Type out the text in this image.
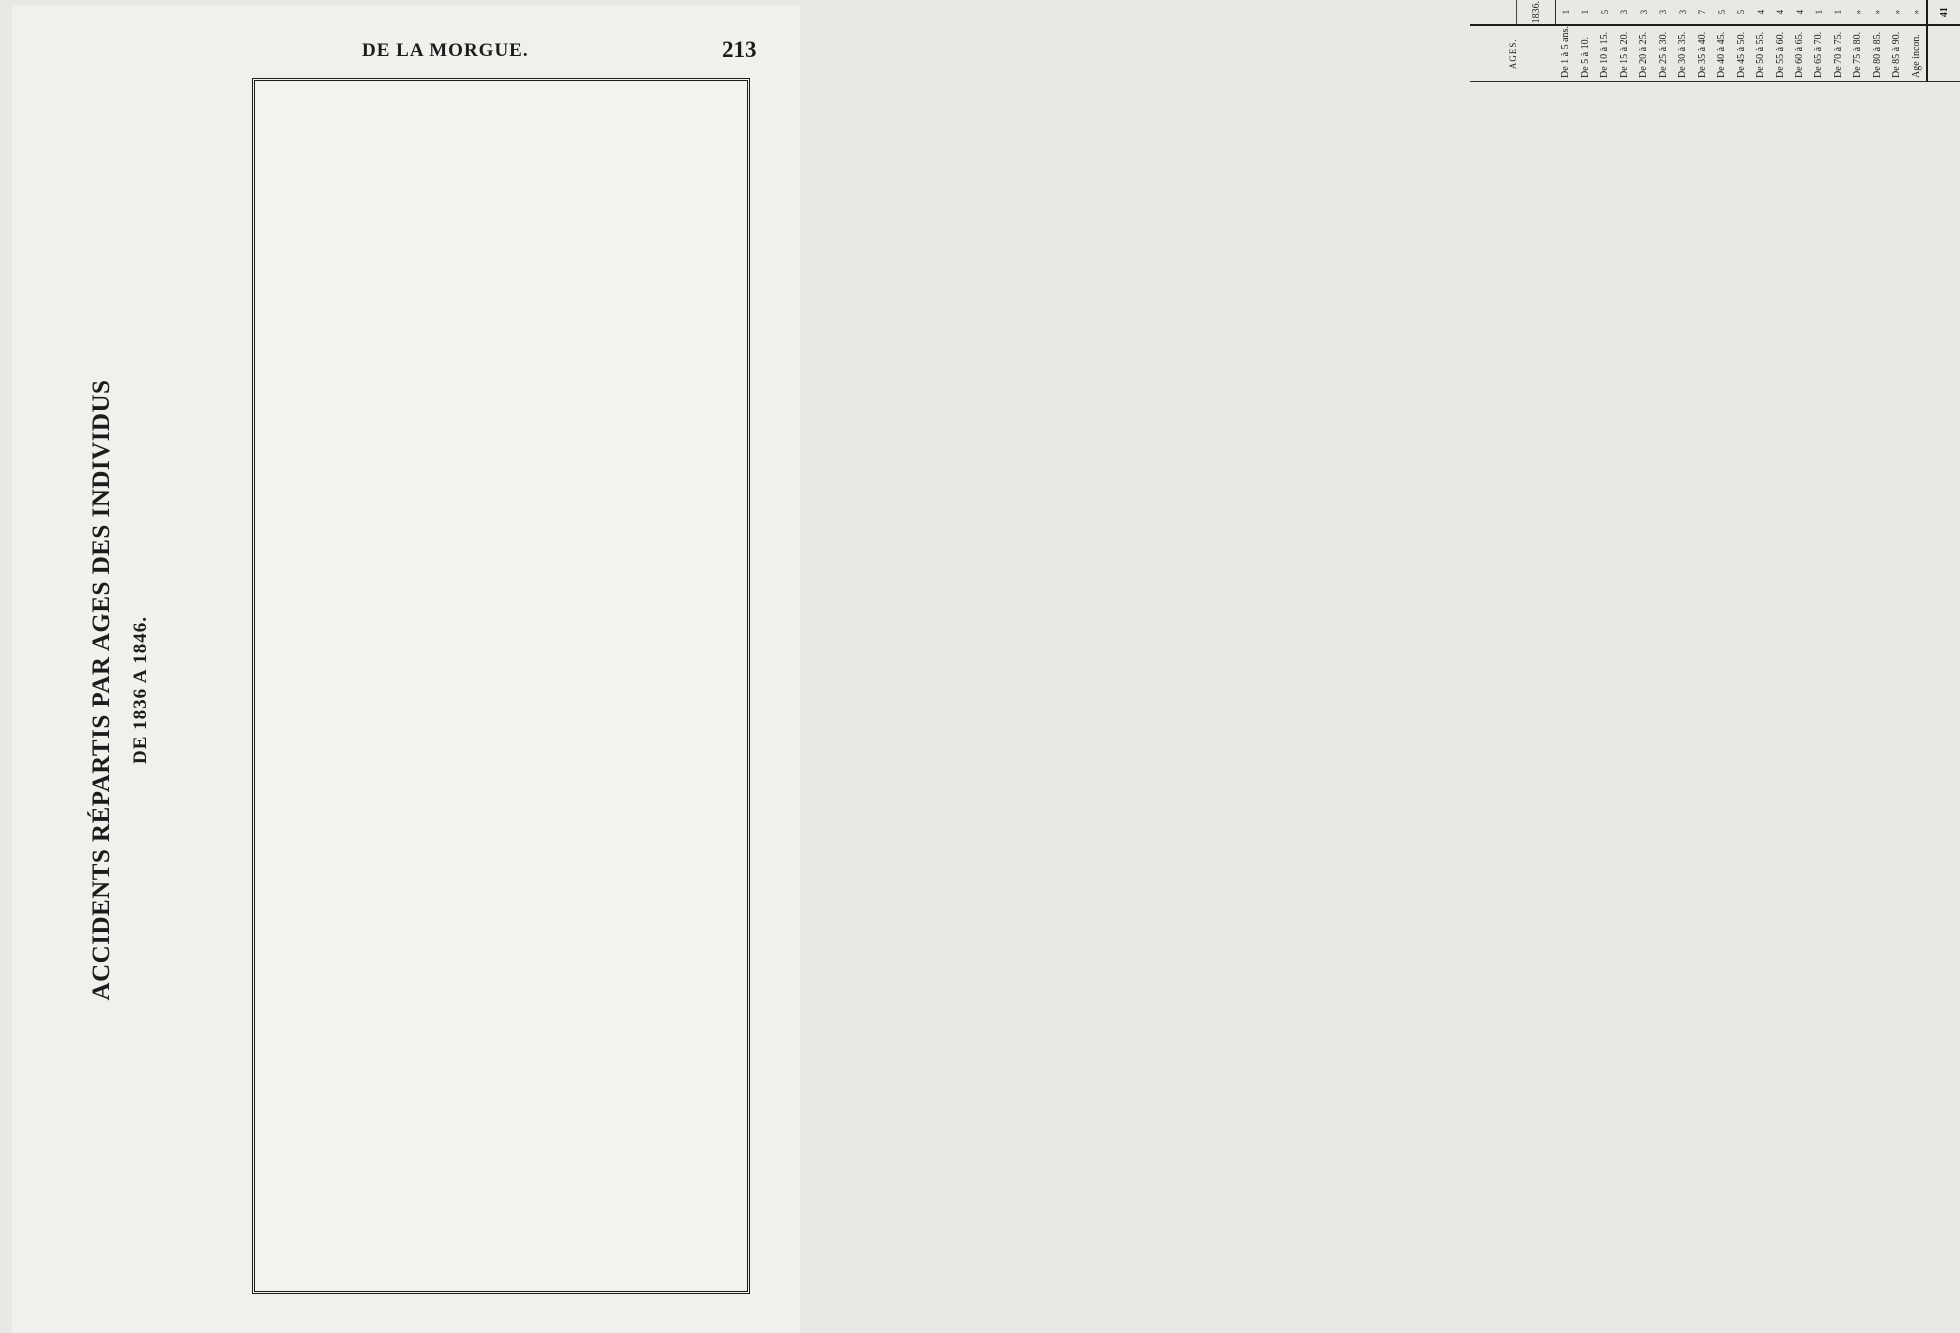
DE LA MORGUE.	213
ACCIDENTS RÉPARTIS PAR AGES DES INDIVIDUS DE 1836 A 1846.
AGES.				
	1836.																																											
De 1 à 5 ans.	1																																											
De 5 à 10.	1																																											
De 10 à 15.	5																																											
De 15 à 20.	3																																											
De 20 à 25.	3																																											
De 25 à 30.	3																																											
De 30 à 35.	3																																											
De 35 à 40.	7																																											
De 40 à 45.	5																																											
De 45 à 50.	5																																											
De 50 à 55.	4																																											
De 55 à 60.	4																																											
De 60 à 65.	4																																											
De 65 à 70.	1																																											
De 70 à 75.	1																																											
De 75 à 80.	»																																											
De 80 à 85.	»																																											
De 85 à 90.	»																																											
Age incon.	»																																											
	41																																											
